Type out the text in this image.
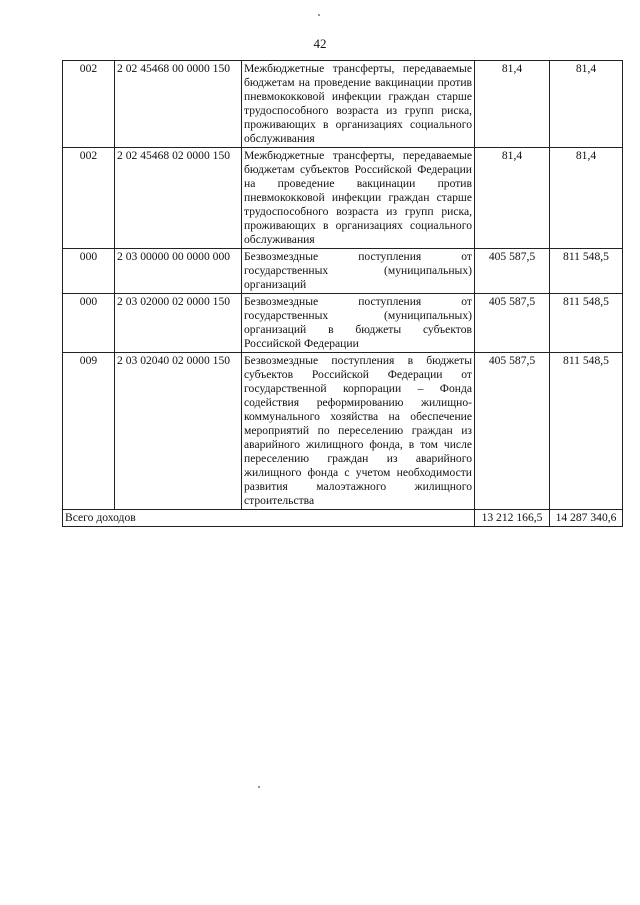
42
002	2 02 45468 00 0000 150	Межбюджетные трансферты, передаваемые бюджетам на проведение вакцинации против пневмококковой инфекции граждан старше трудоспособного возраста из групп риска, проживающих в организациях социального обслуживания	81,4	81,4
002	2 02 45468 02 0000 150	Межбюджетные трансферты, передаваемые бюджетам субъектов Российской Федерации на проведение вакцинации против пневмококковой инфекции граждан старше трудоспособного возраста из групп риска, проживающих в организациях социального обслуживания	81,4	81,4
000	2 03 00000 00 0000 000	Безвозмездные поступления от государственных (муниципальных) организаций	405 587,5	811 548,5
000	2 03 02000 02 0000 150	Безвозмездные поступления от государственных (муниципальных) организаций в бюджеты субъектов Российской Федерации	405 587,5	811 548,5
009	2 03 02040 02 0000 150	Безвозмездные поступления в бюджеты субъектов Российской Федерации от государственной корпорации – Фонда содействия реформированию жилищно-коммунального хозяйства на обеспечение мероприятий по переселению граждан из аварийного жилищного фонда, в том числе переселению граждан из аварийного жилищного фонда с учетом необходимости развития малоэтажного жилищного строительства	405 587,5	811 548,5
Всего доходов			13 212 166,5	14 287 340,6
